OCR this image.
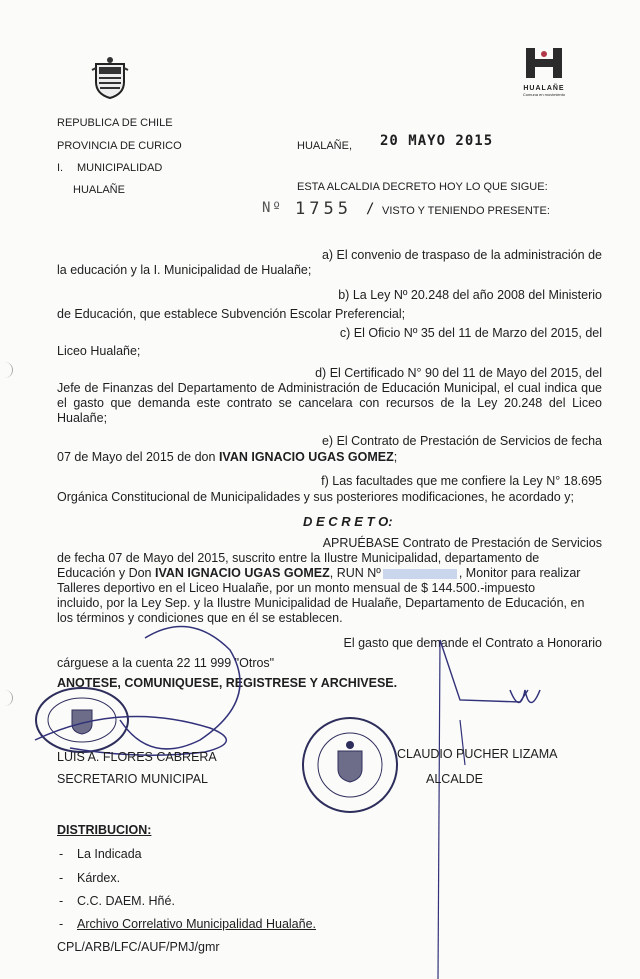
HUALAÑE
Comuna en movimiento
REPUBLICA DE CHILE
PROVINCIA DE CURICO
I. MUNICIPALIDAD
HUALAÑE
HUALAÑE, 20 MAYO 2015
ESTA ALCALDIA DECRETO HOY LO QUE SIGUE:
Nº 1755 / VISTO Y TENIENDO PRESENTE:
a) El convenio de traspaso de la administración de
la educación y la I. Municipalidad de Hualañe;
b) La Ley Nº 20.248 del año 2008 del Ministerio
de Educación, que establece Subvención Escolar Preferencial;
c) El Oficio Nº 35 del 11 de Marzo del 2015, del
Liceo Hualañe;
d) El Certificado N° 90 del 11 de Mayo del 2015, del
Jefe de Finanzas del Departamento de Administración de Educación Municipal, el cual indica que el gasto que demanda este contrato se cancelara con recursos de la Ley 20.248 del Liceo Hualañe;
e) El Contrato de Prestación de Servicios de fecha
07 de Mayo del 2015 de don IVAN IGNACIO UGAS GOMEZ;
f) Las facultades que me confiere la Ley N° 18.695
Orgánica Constitucional de Municipalidades y sus posteriores modificaciones, he acordado y;
D E C R E T O:
APRUÉBASE Contrato de Prestación de Servicios
de fecha 07 de Mayo del 2015, suscrito entre la Ilustre Municipalidad, departamento de
Educación y Don IVAN IGNACIO UGAS GOMEZ, RUN Nº	, Monitor para realizar
Talleres deportivo en el Liceo Hualañe, por un monto mensual de $ 144.500.-impuesto
incluido, por la Ley Sep. y la Ilustre Municipalidad de Hualañe, Departamento de Educación, en
los términos y condiciones que en él se establecen.
El gasto que demande el Contrato a Honorario
cárguese a la cuenta 22 11 999 "Otros"
ANOTESE, COMUNIQUESE, REGISTRESE Y ARCHIVESE.
LUIS A. FLORES CABRERA
SECRETARIO MUNICIPAL
CLAUDIO PUCHER LIZAMA
ALCALDE
DISTRIBUCION:
- La Indicada
- Kárdex.
- C.C. DAEM. Hñé.
- Archivo Correlativo Municipalidad Hualañe.
CPL/ARB/LFC/AUF/PMJ/gmr
